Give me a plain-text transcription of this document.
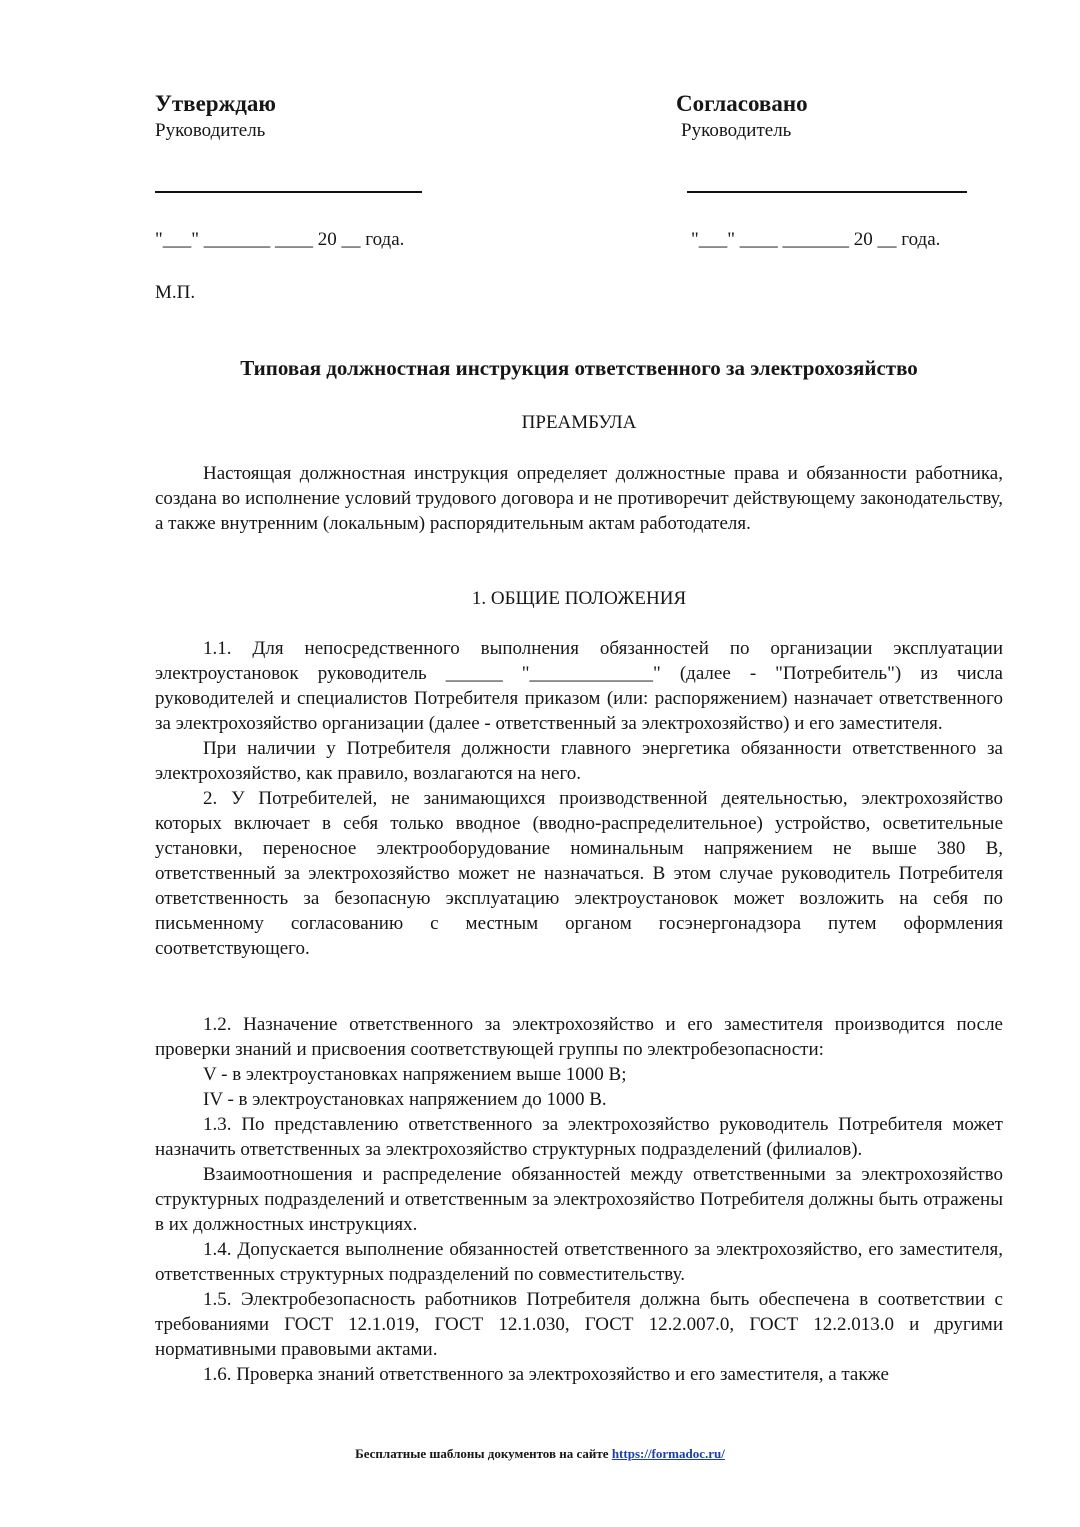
Утверждаю
Руководитель
"___" _______ ____ 20 __ года.
М.П.
Согласовано
Руководитель
"___" ____ _______ 20 __ года.
Типовая должностная инструкция ответственного за электрохозяйство
ПРЕАМБУЛА

Настоящая должностная инструкция определяет должностные права и обязанности работника, создана во исполнение условий трудового договора и не противоречит действующему законодательству, а также внутренним (локальным) распорядительным актам работодателя.

1. ОБЩИЕ ПОЛОЖЕНИЯ

1.1. Для непосредственного выполнения обязанностей по организации эксплуатации электроустановок руководитель ______ "_____________" (далее - "Потребитель") из числа руководителей и специалистов Потребителя приказом (или: распоряжением) назначает ответственного за электрохозяйство организации (далее - ответственный за электрохозяйство) и его заместителя.

При наличии у Потребителя должности главного энергетика обязанности ответственного за электрохозяйство, как правило, возлагаются на него.

2. У Потребителей, не занимающихся производственной деятельностью, электрохозяйство которых включает в себя только вводное (вводно-распределительное) устройство, осветительные установки, переносное электрооборудование номинальным напряжением не выше 380 В, ответственный за электрохозяйство может не назначаться. В этом случае руководитель Потребителя ответственность за безопасную эксплуатацию электроустановок может возложить на себя по письменному согласованию с местным органом госэнергонадзора путем оформления соответствующего.

1.2. Назначение ответственного за электрохозяйство и его заместителя производится после проверки знаний и присвоения соответствующей группы по электробезопасности:

V - в электроустановках напряжением выше 1000 В;

IV - в электроустановках напряжением до 1000 В.

1.3. По представлению ответственного за электрохозяйство руководитель Потребителя может назначить ответственных за электрохозяйство структурных подразделений (филиалов).

Взаимоотношения и распределение обязанностей между ответственными за электрохозяйство структурных подразделений и ответственным за электрохозяйство Потребителя должны быть отражены в их должностных инструкциях.

1.4. Допускается выполнение обязанностей ответственного за электрохозяйство, его заместителя, ответственных структурных подразделений по совместительству.

1.5. Электробезопасность работников Потребителя должна быть обеспечена в соответствии с требованиями ГОСТ 12.1.019, ГОСТ 12.1.030, ГОСТ 12.2.007.0, ГОСТ 12.2.013.0 и другими нормативными правовыми актами.

1.6. Проверка знаний ответственного за электрохозяйство и его заместителя, а также

Бесплатные шаблоны документов на сайте https://formadoc.ru/
